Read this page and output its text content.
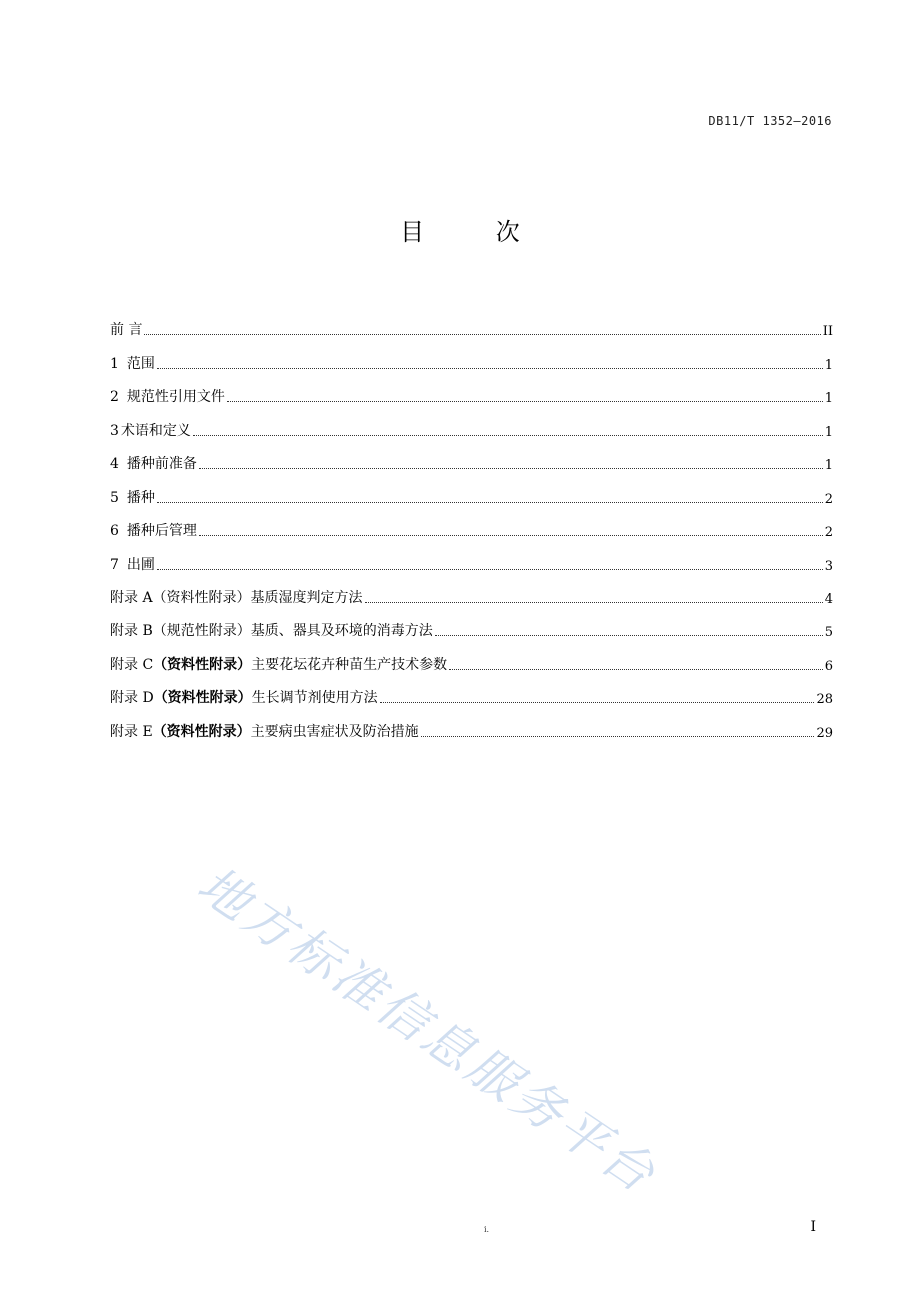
DB11/T 1352—2016
目 次
前 言	II
1 范围	1
2 规范性引用文件	1
3 术语和定义	1
4 播种前准备	1
5 播种	2
6 播种后管理	2
7 出圃	3
附录 A（资料性附录）基质湿度判定方法	4
附录 B（规范性附录）基质、器具及环境的消毒方法	5
附录 C（资料性附录）主要花坛花卉种苗生产技术参数	6
附录 D（资料性附录）生长调节剂使用方法	28
附录 E（资料性附录）主要病虫害症状及防治措施	29
地方标准信息服务平台
i.	I
